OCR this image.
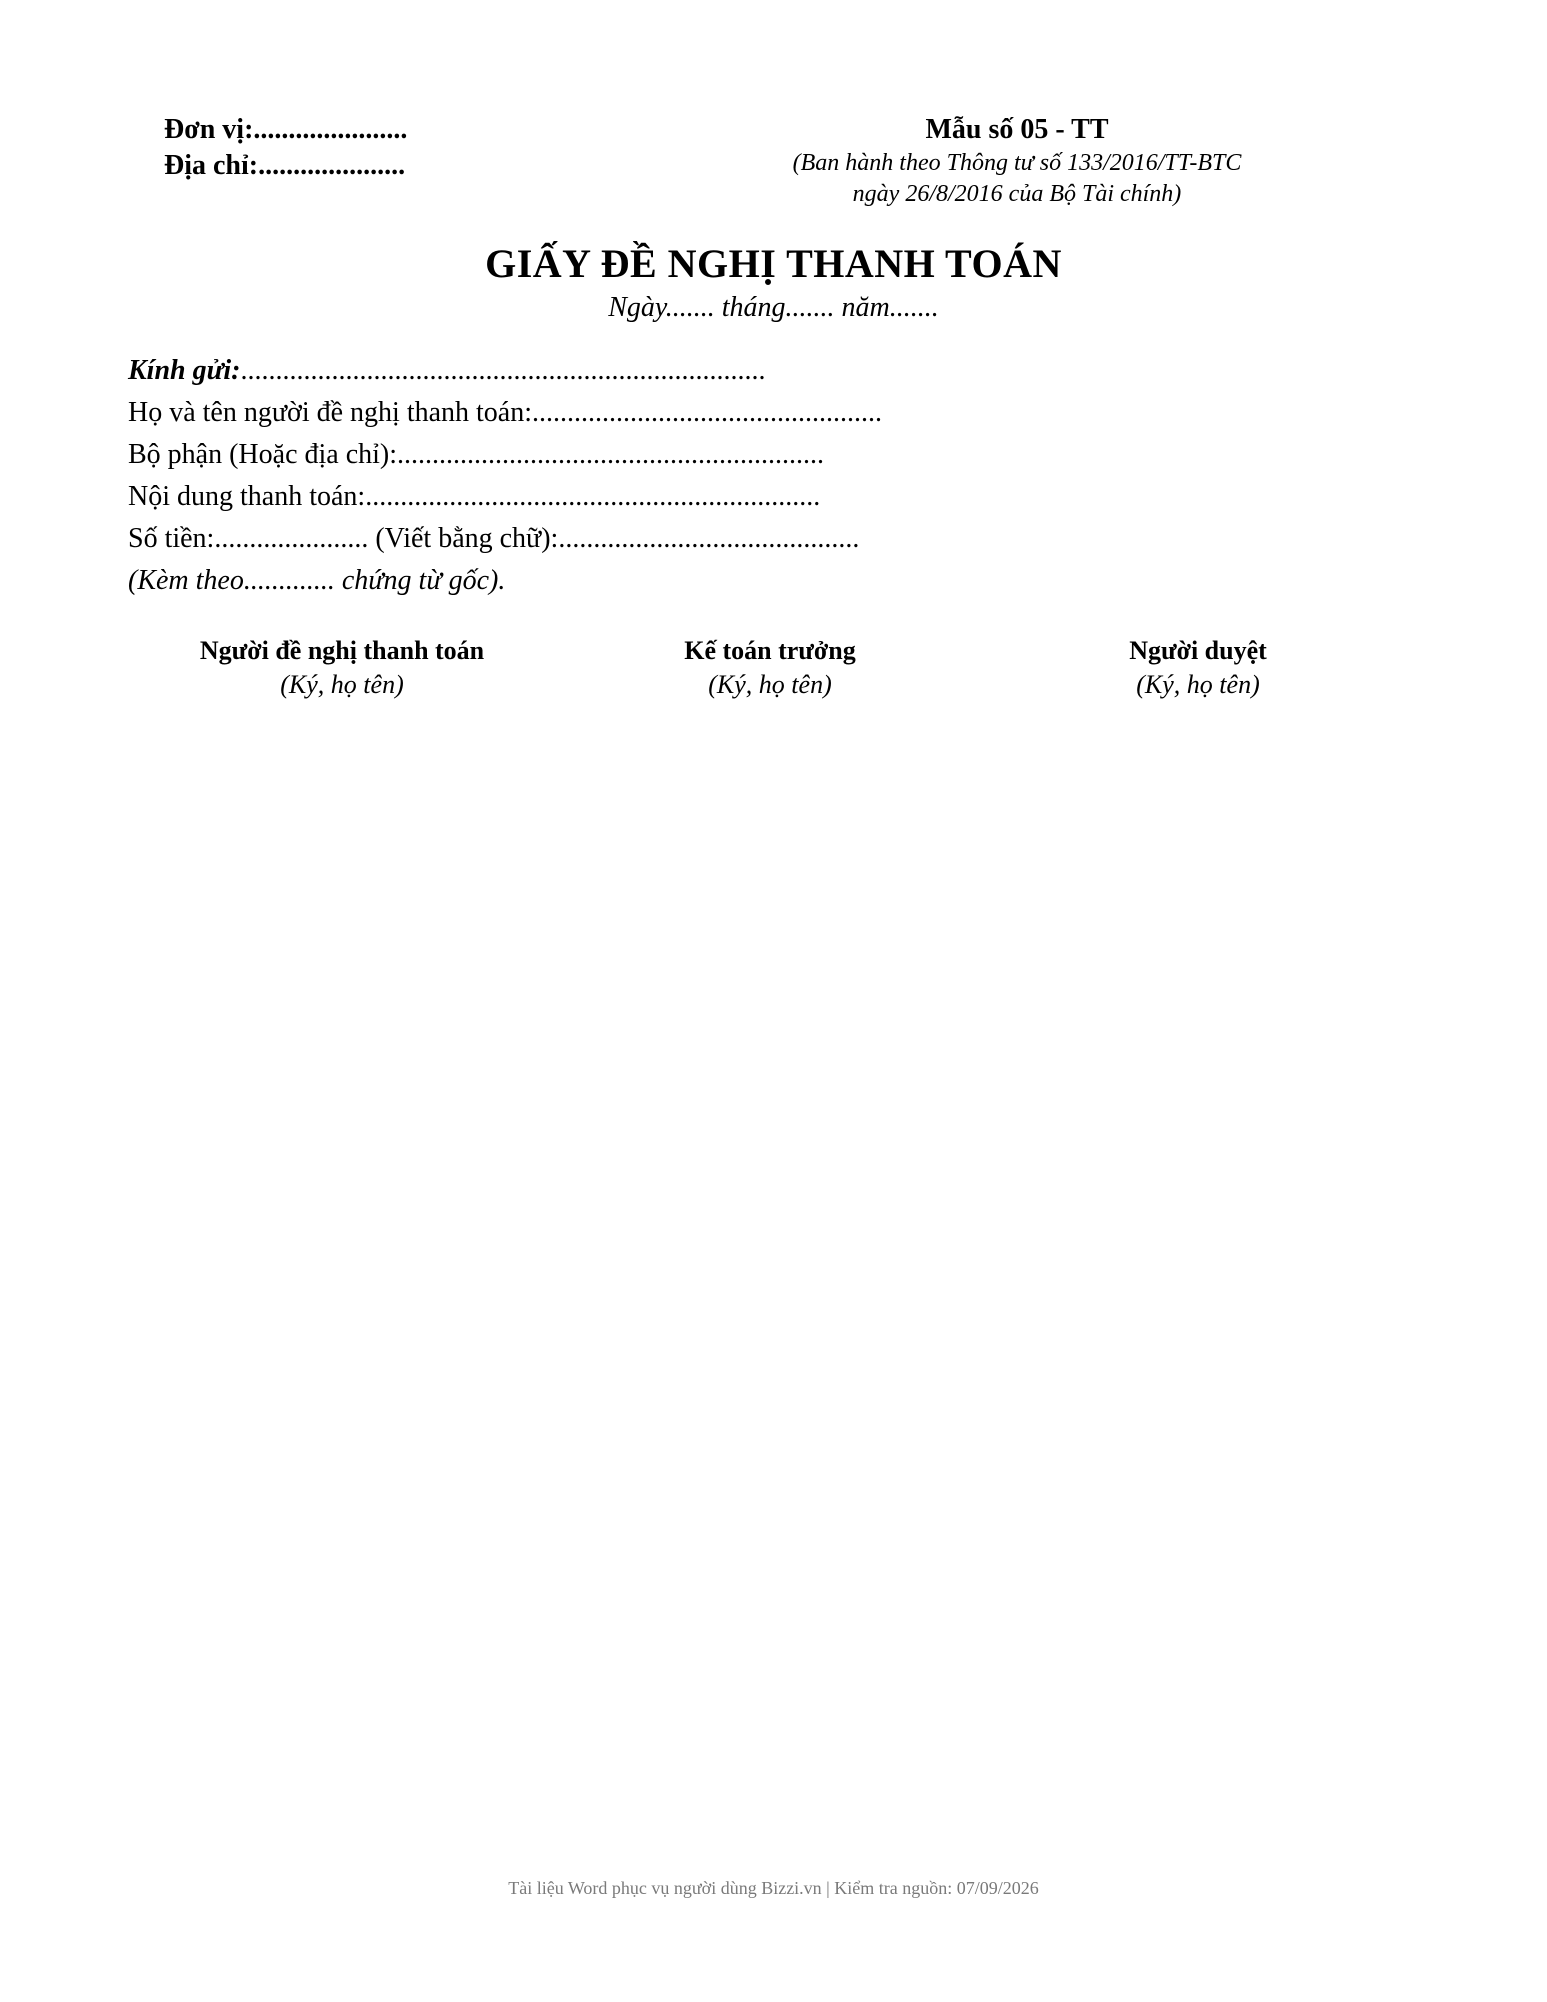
Đơn vị:......................
Địa chỉ:.....................
Mẫu số 05 - TT
(Ban hành theo Thông tư số 133/2016/TT-BTC
ngày 26/8/2016 của Bộ Tài chính)
GIẤY ĐỀ NGHỊ THANH TOÁN
Ngày....... tháng....... năm.......
Kính gửi:...........................................................................
Họ và tên người đề nghị thanh toán:..................................................
Bộ phận (Hoặc địa chỉ):.............................................................
Nội dung thanh toán:.................................................................
Số tiền:...................... (Viết bằng chữ):...........................................
(Kèm theo............. chứng từ gốc).
Người đề nghị thanh toán
(Ký, họ tên)
Kế toán trưởng
(Ký, họ tên)
Người duyệt
(Ký, họ tên)
Tài liệu Word phục vụ người dùng Bizzi.vn | Kiểm tra nguồn: 07/09/2026
